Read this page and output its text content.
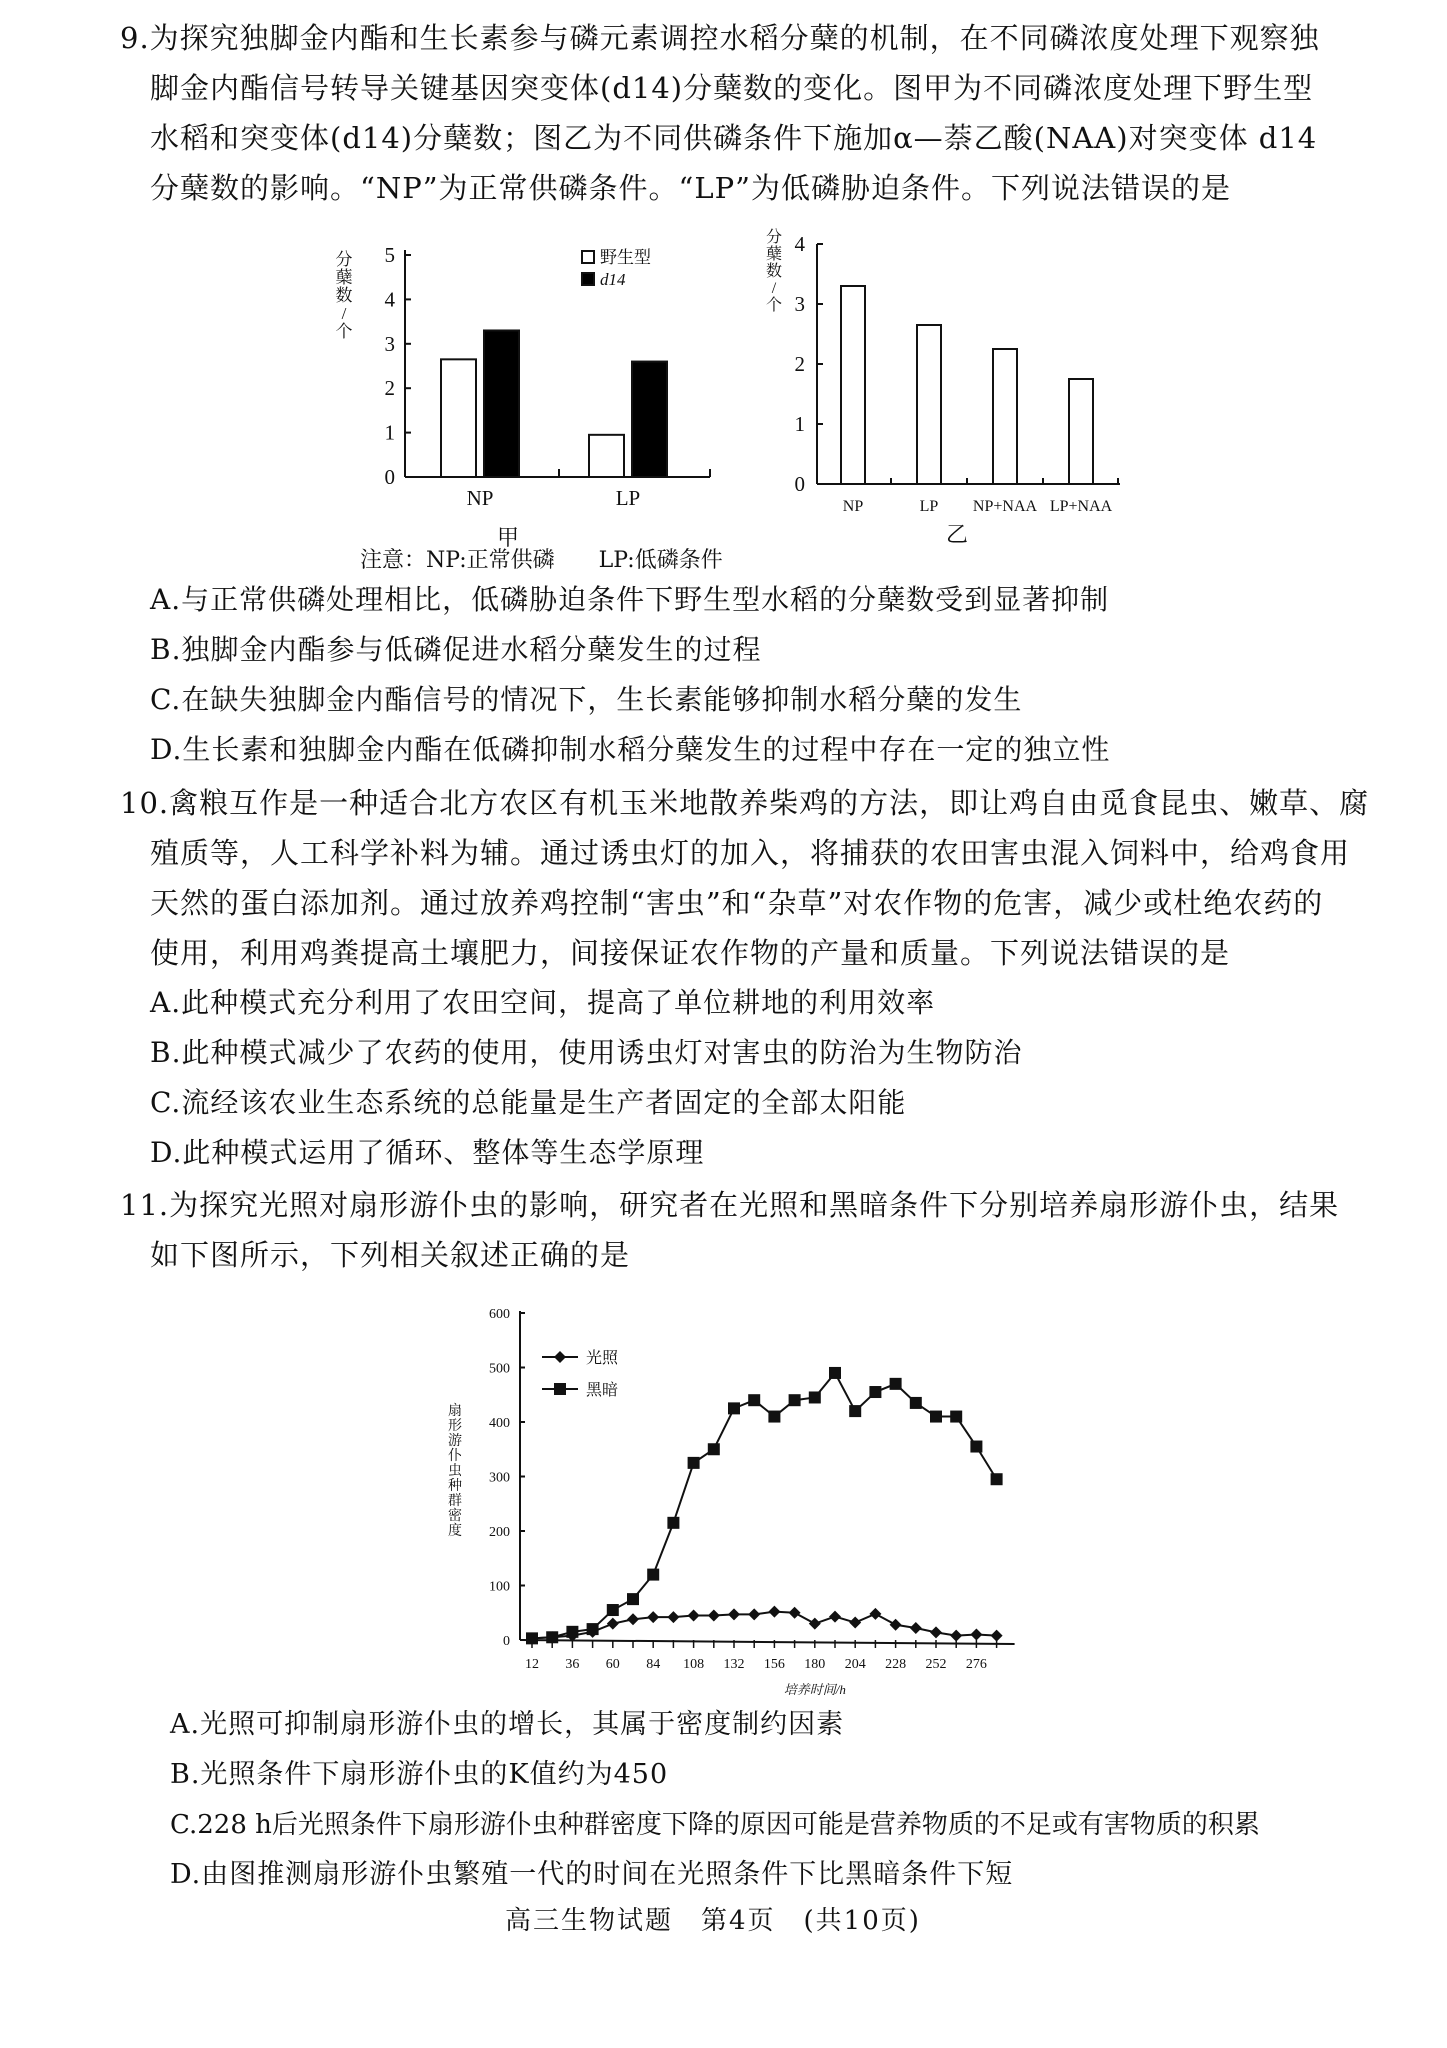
9.为探究独脚金内酯和生长素参与磷元素调控水稻分蘖的机制，在不同磷浓度处理下观察独
脚金内酯信号转导关键基因突变体(d14)分蘖数的变化。图甲为不同磷浓度处理下野生型
水稻和突变体(d14)分蘖数；图乙为不同供磷条件下施加α—萘乙酸(NAA)对突变体 d14
分蘖数的影响。“NP”为正常供磷条件。“LP”为低磷胁迫条件。下列说法错误的是
0
1
2
3
4
5
分
蘖
数
/
个
NP	LP
野生型
d14
甲
0
1
2
3
4
分
蘖
数
/
个
NP	LP NP+NAA LP+NAA
乙
注意：NP:正常供磷　　LP:低磷条件
A.与正常供磷处理相比，低磷胁迫条件下野生型水稻的分蘖数受到显著抑制
B.独脚金内酯参与低磷促进水稻分蘖发生的过程
C.在缺失独脚金内酯信号的情况下，生长素能够抑制水稻分蘖的发生
D.生长素和独脚金内酯在低磷抑制水稻分蘖发生的过程中存在一定的独立性
10.禽粮互作是一种适合北方农区有机玉米地散养柴鸡的方法，即让鸡自由觅食昆虫、嫩草、腐
殖质等，人工科学补料为辅。通过诱虫灯的加入，将捕获的农田害虫混入饲料中，给鸡食用
天然的蛋白添加剂。通过放养鸡控制“害虫”和“杂草”对农作物的危害，减少或杜绝农药的
使用，利用鸡粪提高土壤肥力，间接保证农作物的产量和质量。下列说法错误的是
A.此种模式充分利用了农田空间，提高了单位耕地的利用效率
B.此种模式减少了农药的使用，使用诱虫灯对害虫的防治为生物防治
C.流经该农业生态系统的总能量是生产者固定的全部太阳能
D.此种模式运用了循环、整体等生态学原理
11.为探究光照对扇形游仆虫的影响，研究者在光照和黑暗条件下分别培养扇形游仆虫，结果
如下图所示，下列相关叙述正确的是
0
100
200
300
400
500
600
12 36 60 84 108 132 156 180 204 228 252 276
培养时间/h
扇
形
游
仆
虫
种
群
密
度
光照
黑暗
A.光照可抑制扇形游仆虫的增长，其属于密度制约因素
B.光照条件下扇形游仆虫的K值约为450
C.228 h后光照条件下扇形游仆虫种群密度下降的原因可能是营养物质的不足或有害物质的积累
D.由图推测扇形游仆虫繁殖一代的时间在光照条件下比黑暗条件下短
高三生物试题　第4页　(共10页)
